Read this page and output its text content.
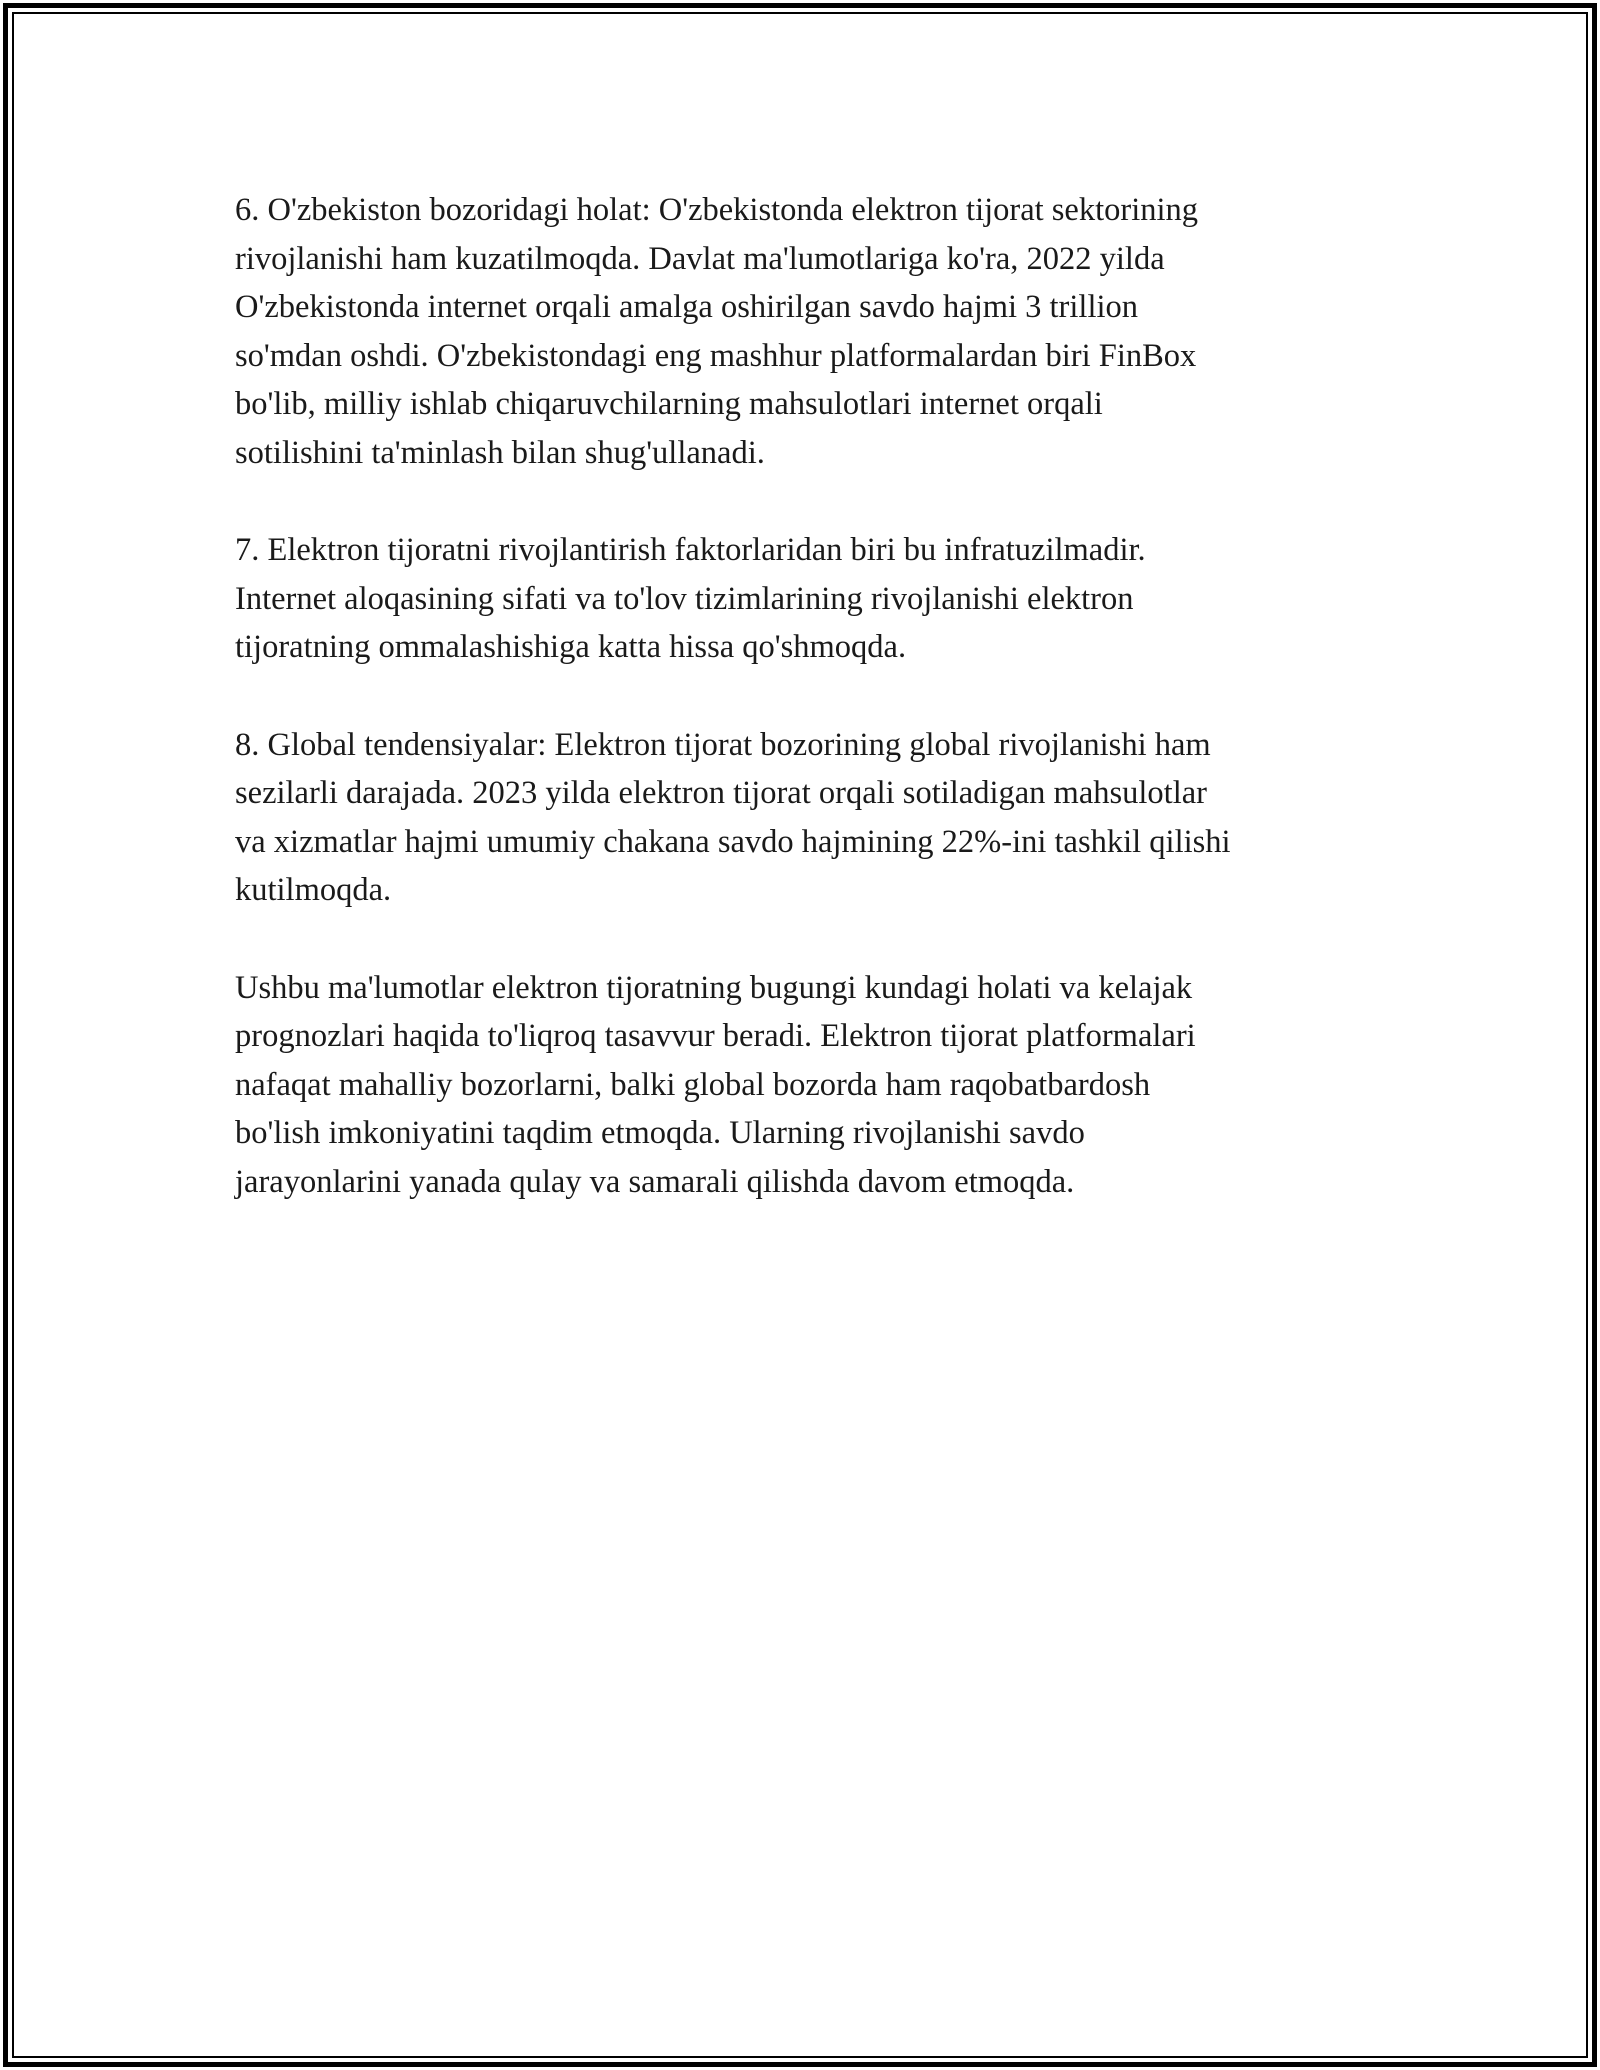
6. O'zbekiston bozoridagi holat: O'zbekistonda elektron tijorat sektorining
rivojlanishi ham kuzatilmoqda. Davlat ma'lumotlariga ko'ra, 2022 yilda
O'zbekistonda internet orqali amalga oshirilgan savdo hajmi 3 trillion
so'mdan oshdi. O'zbekistondagi eng mashhur platformalardan biri FinBox
bo'lib, milliy ishlab chiqaruvchilarning mahsulotlari internet orqali
sotilishini ta'minlash bilan shug'ullanadi.

7. Elektron tijoratni rivojlantirish faktorlaridan biri bu infratuzilmadir.
Internet aloqasining sifati va to'lov tizimlarining rivojlanishi elektron
tijoratning ommalashishiga katta hissa qo'shmoqda.

8. Global tendensiyalar: Elektron tijorat bozorining global rivojlanishi ham
sezilarli darajada. 2023 yilda elektron tijorat orqali sotiladigan mahsulotlar
va xizmatlar hajmi umumiy chakana savdo hajmining 22%-ini tashkil qilishi
kutilmoqda.

Ushbu ma'lumotlar elektron tijoratning bugungi kundagi holati va kelajak
prognozlari haqida to'liqroq tasavvur beradi. Elektron tijorat platformalari
nafaqat mahalliy bozorlarni, balki global bozorda ham raqobatbardosh
bo'lish imkoniyatini taqdim etmoqda. Ularning rivojlanishi savdo
jarayonlarini yanada qulay va samarali qilishda davom etmoqda.
